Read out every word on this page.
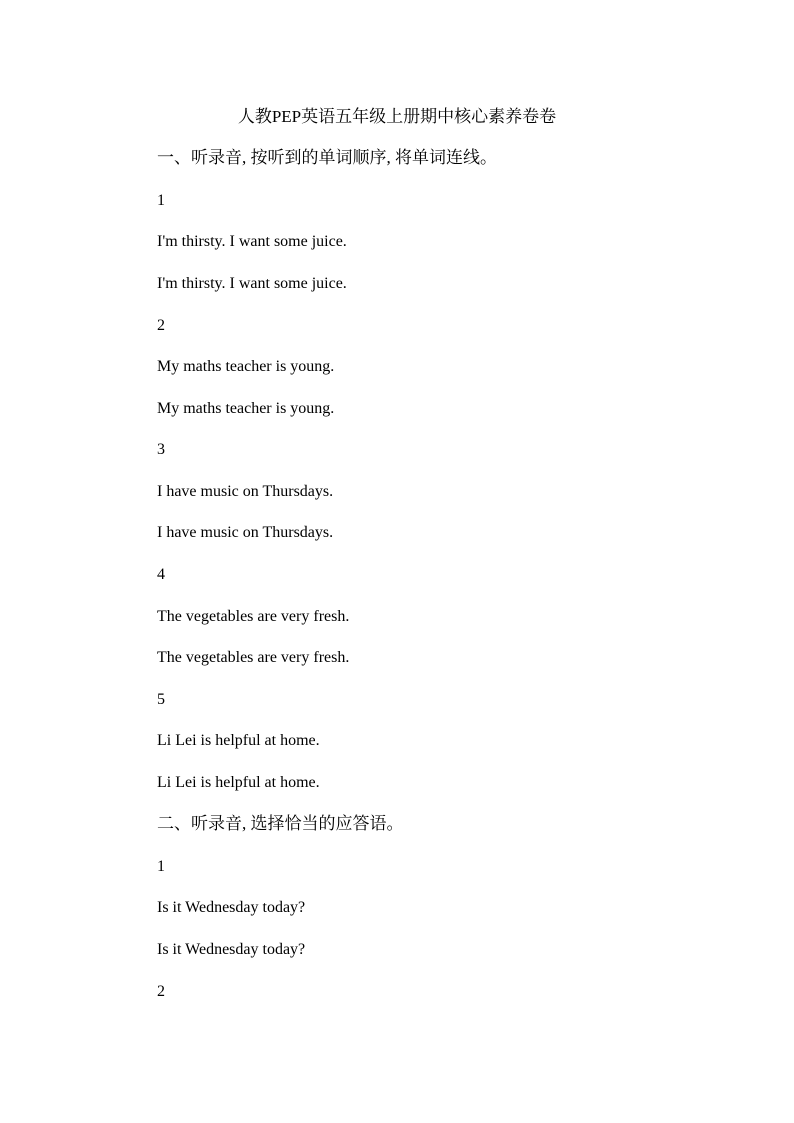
人教PEP英语五年级上册期中核心素养卷卷
一、听录音, 按听到的单词顺序, 将单词连线。
1
I'm thirsty. I want some juice.
I'm thirsty. I want some juice.
2
My maths teacher is young.
My maths teacher is young.
3
I have music on Thursdays.
I have music on Thursdays.
4
The vegetables are very fresh.
The vegetables are very fresh.
5
Li Lei is helpful at home.
Li Lei is helpful at home.
二、听录音, 选择恰当的应答语。
1
Is it Wednesday today?
Is it Wednesday today?
2
